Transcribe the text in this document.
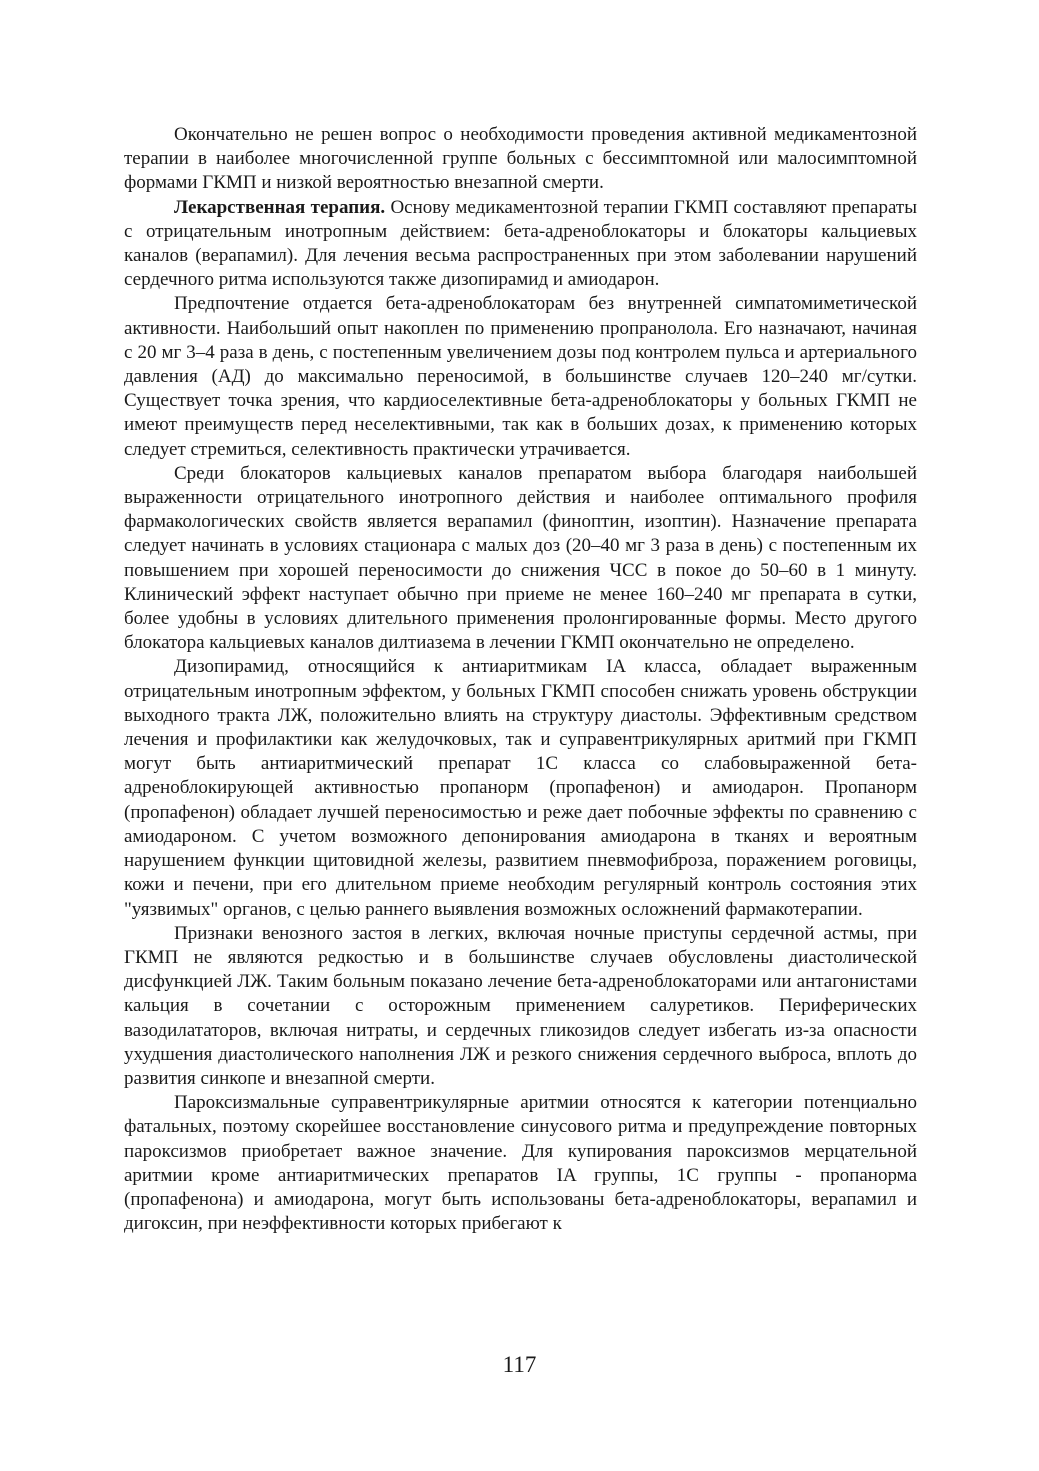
Окончательно не решен вопрос о необходимости проведения активной медикаментозной терапии в наиболее многочисленной группе больных с бессимптомной или малосимптомной формами ГКМП и низкой вероятностью внезапной смерти.

Лекарственная терапия. Основу медикаментозной терапии ГКМП составляют препараты с отрицательным инотропным действием: бета-адреноблокаторы и блокаторы кальциевых каналов (верапамил). Для лечения весьма распространенных при этом заболевании нарушений сердечного ритма используются также дизопирамид и амиодарон.

Предпочтение отдается бета-адреноблокаторам без внутренней симпатомиметической активности. Наибольший опыт накоплен по применению пропранолола. Его назначают, начиная с 20 мг 3–4 раза в день, с постепенным увеличением дозы под контролем пульса и артериального давления (АД) до максимально переносимой, в большинстве случаев 120–240 мг/сутки. Существует точка зрения, что кардиоселективные бета-адреноблокаторы у больных ГКМП не имеют преимуществ перед неселективными, так как в больших дозах, к применению которых следует стремиться, селективность практически утрачивается.

Среди блокаторов кальциевых каналов препаратом выбора благодаря наибольшей выраженности отрицательного инотропного действия и наиболее оптимального профиля фармакологических свойств является верапамил (финоптин, изоптин). Назначение препарата следует начинать в условиях стационара с малых доз (20–40 мг 3 раза в день) с постепенным их повышением при хорошей переносимости до снижения ЧСС в покое до 50–60 в 1 минуту. Клинический эффект наступает обычно при приеме не менее 160–240 мг препарата в сутки, более удобны в условиях длительного применения пролонгированные формы. Место другого блокатора кальциевых каналов дилтиазема в лечении ГКМП окончательно не определено.

Дизопирамид, относящийся к антиаритмикам IA класса, обладает выраженным отрицательным инотропным эффектом, у больных ГКМП способен снижать уровень обструкции выходного тракта ЛЖ, положительно влиять на структуру диастолы. Эффективным средством лечения и профилактики как желудочковых, так и суправентрикулярных аритмий при ГКМП могут быть антиаритмический препарат 1С класса со слабовыраженной бета-адреноблокирующей активностью пропанорм (пропафенон) и амиодарон. Пропанорм (пропафенон) обладает лучшей переносимостью и реже дает побочные эффекты по сравнению с амиодароном. С учетом возможного депонирования амиодарона в тканях и вероятным нарушением функции щитовидной железы, развитием пневмофиброза, поражением роговицы, кожи и печени, при его длительном приеме необходим регулярный контроль состояния этих "уязвимых" органов, с целью раннего выявления возможных осложнений фармакотерапии.

Признаки венозного застоя в легких, включая ночные приступы сердечной астмы, при ГКМП не являются редкостью и в большинстве случаев обусловлены диастолической дисфункцией ЛЖ. Таким больным показано лечение бета-адреноблокаторами или антагонистами кальция в сочетании с осторожным применением салуретиков. Периферических вазодилататоров, включая нитраты, и сердечных гликозидов следует избегать из-за опасности ухудшения диастолического наполнения ЛЖ и резкого снижения сердечного выброса, вплоть до развития синкопе и внезапной смерти.

Пароксизмальные суправентрикулярные аритмии относятся к категории потенциально фатальных, поэтому скорейшее восстановление синусового ритма и предупреждение повторных пароксизмов приобретает важное значение. Для купирования пароксизмов мерцательной аритмии кроме антиаритмических препаратов IA группы, 1С группы - пропанорма (пропафенона) и амиодарона, могут быть использованы бета-адреноблокаторы, верапамил и дигоксин, при неэффективности которых прибегают к

117
